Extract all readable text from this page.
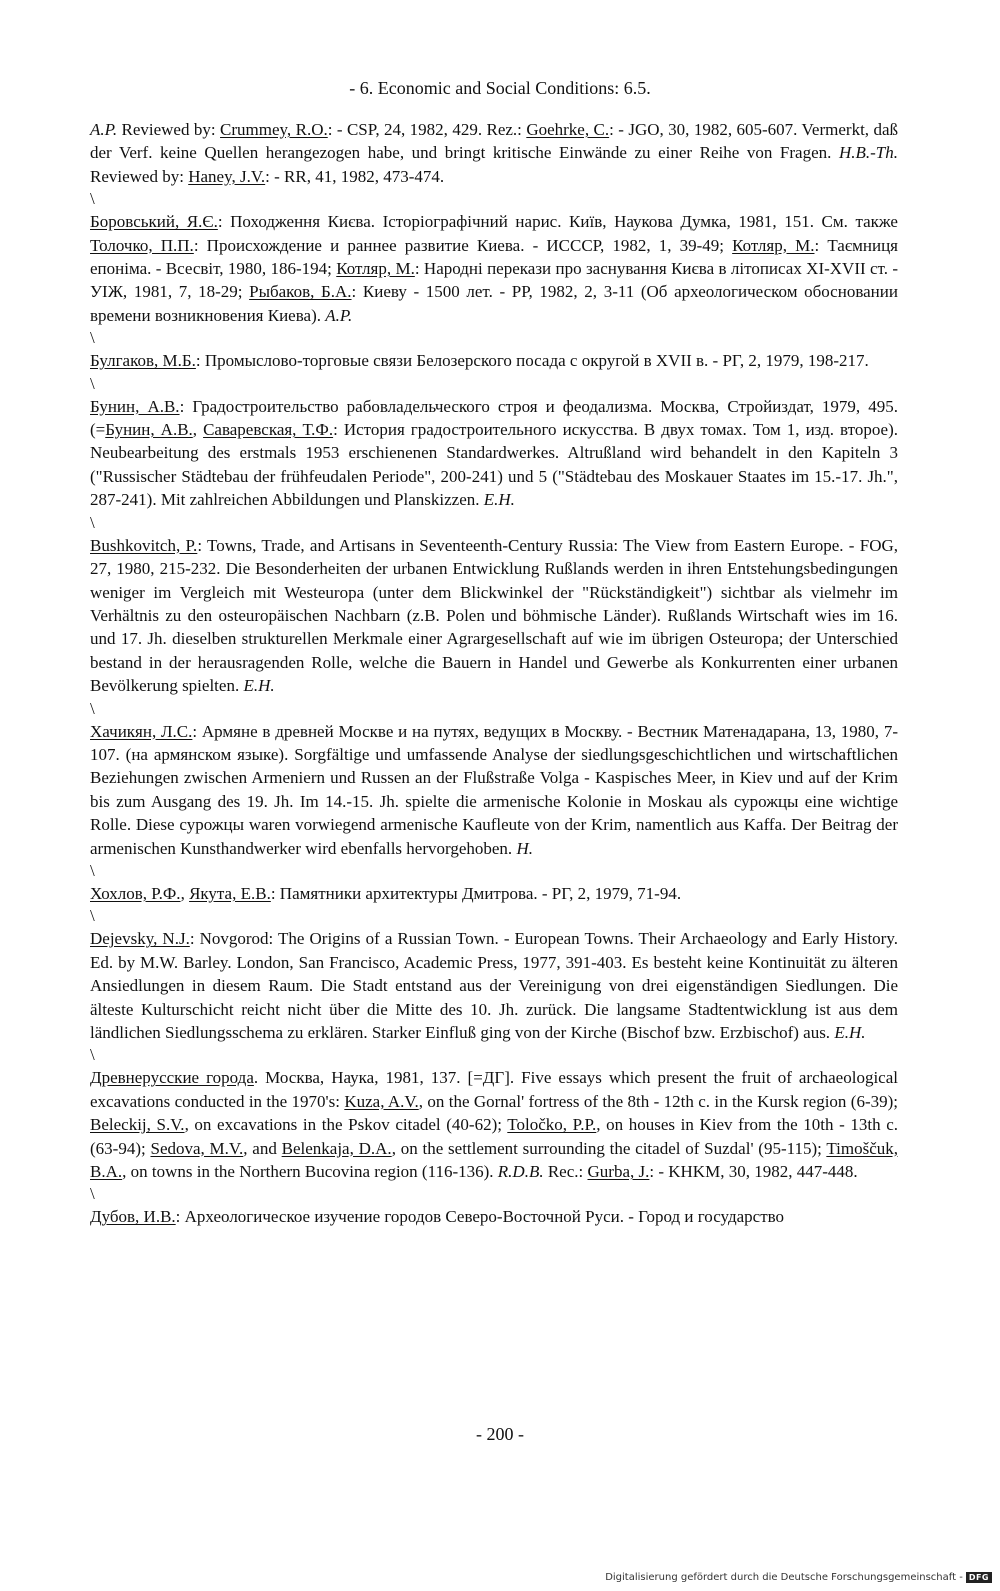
- 6. Economic and Social Conditions: 6.5.

A.P. Reviewed by: Crummey, R.O.: - CSP, 24, 1982, 429. Rez.: Goehrke, C.: - JGO, 30, 1982, 605-607. Vermerkt, daß der Verf. keine Quellen herangezogen habe, und bringt kritische Einwände zu einer Reihe von Fragen. H.B.-Th. Reviewed by: Haney, J.V.: - RR, 41, 1982, 473-474.

\

Боровський, Я.Є.: Походження Києва. Історіографічний нарис. Київ, Наукова Думка, 1981, 151. См. также Толочко, П.П.: Происхождение и раннее развитие Киева. - ИСССР, 1982, 1, 39-49; Котляр, М.: Таємниця епоніма. - Всесвіт, 1980, 186-194; Котляр, М.: Народні перекази про заснування Києва в літописах XI-XVII ст. - УІЖ, 1981, 7, 18-29; Рыбаков, Б.А.: Киеву - 1500 лет. - РР, 1982, 2, 3-11 (Об археологическом обосновании времени возникновения Киева). A.P.

\

Булгаков, М.Б.: Промыслово-торговые связи Белозерского посада с округой в XVII в. - РГ, 2, 1979, 198-217.

\

Бунин, А.В.: Градостроительство рабовладельческого строя и феодализма. Москва, Стройиздат, 1979, 495. (=Бунин, А.В., Саваревская, Т.Ф.: История градостроительного искусства. В двух томах. Том 1, изд. второе). Neubearbeitung des erstmals 1953 erschienenen Standardwerkes. Altrußland wird behandelt in den Kapiteln 3 ("Russischer Städtebau der frühfeudalen Periode", 200-241) und 5 ("Städtebau des Moskauer Staates im 15.-17. Jh.", 287-241). Mit zahlreichen Abbildungen und Planskizzen. E.H.

\

Bushkovitch, P.: Towns, Trade, and Artisans in Seventeenth-Century Russia: The View from Eastern Europe. - FOG, 27, 1980, 215-232. Die Besonderheiten der urbanen Entwicklung Rußlands werden in ihren Entstehungsbedingungen weniger im Vergleich mit Westeuropa (unter dem Blickwinkel der "Rückständigkeit") sichtbar als vielmehr im Verhältnis zu den osteuropäischen Nachbarn (z.B. Polen und böhmische Länder). Rußlands Wirtschaft wies im 16. und 17. Jh. dieselben strukturellen Merkmale einer Agrargesellschaft auf wie im übrigen Osteuropa; der Unterschied bestand in der herausragenden Rolle, welche die Bauern in Handel und Gewerbe als Konkurrenten einer urbanen Bevölkerung spielten. E.H.

\

Хачикян, Л.С.: Армяне в древней Москве и на путях, ведущих в Москву. - Вестник Матенадарана, 13, 1980, 7-107. (на армянском языке). Sorgfältige und umfassende Analyse der siedlungsgeschichtlichen und wirtschaftlichen Beziehungen zwischen Armeniern und Russen an der Flußstraße Volga - Kaspisches Meer, in Kiev und auf der Krim bis zum Ausgang des 19. Jh. Im 14.-15. Jh. spielte die armenische Kolonie in Moskau als сурожцы eine wichtige Rolle. Diese сурожцы waren vorwiegend armenische Kaufleute von der Krim, namentlich aus Kaffa. Der Beitrag der armenischen Kunsthandwerker wird ebenfalls hervorgehoben. H.

\

Хохлов, Р.Ф., Якута, Е.В.: Памятники архитектуры Дмитрова. - РГ, 2, 1979, 71-94.

\

Dejevsky, N.J.: Novgorod: The Origins of a Russian Town. - European Towns. Their Archaeology and Early History. Ed. by M.W. Barley. London, San Francisco, Academic Press, 1977, 391-403. Es besteht keine Kontinuität zu älteren Ansiedlungen in diesem Raum. Die Stadt entstand aus der Vereinigung von drei eigenständigen Siedlungen. Die älteste Kulturschicht reicht nicht über die Mitte des 10. Jh. zurück. Die langsame Stadtentwicklung ist aus dem ländlichen Siedlungsschema zu erklären. Starker Einfluß ging von der Kirche (Bischof bzw. Erzbischof) aus. E.H.

\

Древнерусские города. Москва, Наука, 1981, 137. [=ДГ]. Five essays which present the fruit of archaeological excavations conducted in the 1970's: Kuza, A.V., on the Gornal' fortress of the 8th - 12th c. in the Kursk region (6-39); Beleckij, S.V., on excavations in the Pskov citadel (40-62); Toločko, P.P., on houses in Kiev from the 10th - 13th c. (63-94); Sedova, M.V., and Belenkaja, D.A., on the settlement surrounding the citadel of Suzdal' (95-115); Timoščuk, B.A., on towns in the Northern Bucovina region (116-136). R.D.B. Rec.: Gurba, J.: - KHKM, 30, 1982, 447-448.

\

Дубов, И.В.: Археологическое изучение городов Северо-Восточной Руси. - Город и государство

- 200 -
Digitalisierung gefördert durch die Deutsche Forschungsgemeinschaft - DFG
